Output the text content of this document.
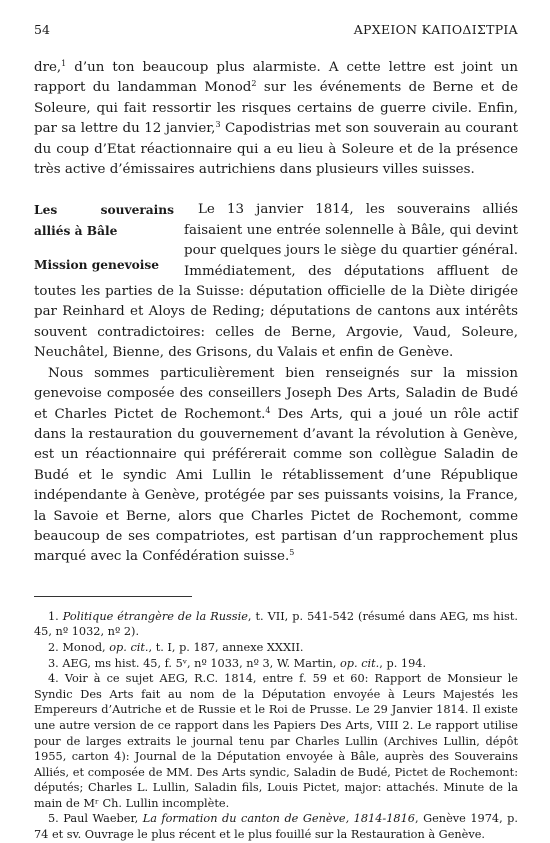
54	ΑΡΧΕΙΟΝ ΚΑΠΟΔΙΣΤΡΙΑ

dre,$^1$ d’un ton beaucoup plus alarmiste. A cette lettre est joint un rapport du landamman Monod$^2$ sur les événements de Berne et de Soleure, qui fait ressortir les risques certains de guerre civile. Enfin, par sa lettre du 12 janvier,$^3$ Capodistrias met son souverain au courant du coup d’Etat réactionnaire qui a eu lieu à Soleure et de la présence très active d’émissaires autrichiens dans plusieurs villes suisses.

Les souverains alliés à Bâle
Mission genevoise

Le 13 janvier 1814, les souverains alliés faisaient une entrée solennelle à Bâle, qui devint pour quelques jours le siège du quartier général. Immédiatement, des députations affluent de toutes les parties de la Suisse: députation officielle de la Diète dirigée par Reinhard et Aloys de Reding; députations de cantons aux intérêts souvent contradictoires: celles de Berne, Argovie, Vaud, Soleure, Neuchâtel, Bienne, des Grisons, du Valais et enfin de Genève.

Nous sommes particulièrement bien renseignés sur la mission genevoise composée des conseillers Joseph Des Arts, Saladin de Budé et Charles Pictet de Rochemont.$^4$ Des Arts, qui a joué un rôle actif dans la restauration du gouvernement d’avant la révolution à Genève, est un réactionnaire qui préférerait comme son collègue Saladin de Budé et le syndic Ami Lullin le rétablissement d’une République indépendante à Genève, protégée par ses puissants voisins, la France, la Savoie et Berne, alors que Charles Pictet de Rochemont, comme beaucoup de ses compatriotes, est partisan d’un rapprochement plus marqué avec la Confédération suisse.$^5$

1. Politique étrangère de la Russie, t. VII, p. 541-542 (résumé dans AEG, ms hist. 45, nº 1032, nº 2).

2. Monod, op. cit., t. I, p. 187, annexe XXXII.

3. AEG, ms hist. 45, f. 5ᵛ, nº 1033, nº 3, W. Martin, op. cit., p. 194.

4. Voir à ce sujet AEG, R.C. 1814, entre f. 59 et 60: Rapport de Monsieur le Syndic Des Arts fait au nom de la Députation envoyée à Leurs Majestés les Empereurs d’Autriche et de Russie et le Roi de Prusse. Le 29 Janvier 1814. Il existe une autre version de ce rapport dans les Papiers Des Arts, VIII 2. Le rapport utilise pour de larges extraits le journal tenu par Charles Lullin (Archives Lullin, dépôt 1955, carton 4): Journal de la Députation envoyée à Bâle, auprès des Souverains Alliés, et composée de MM. Des Arts syndic, Saladin de Budé, Pictet de Rochemont: députés; Charles L. Lullin, Saladin fils, Louis Pictet, major: attachés. Minute de la main de Mʳ Ch. Lullin incomplète.

5. Paul Waeber, La formation du canton de Genève, 1814-1816, Genève 1974, p. 74 et sv. Ouvrage le plus récent et le plus fouillé sur la Restauration à Genève.
